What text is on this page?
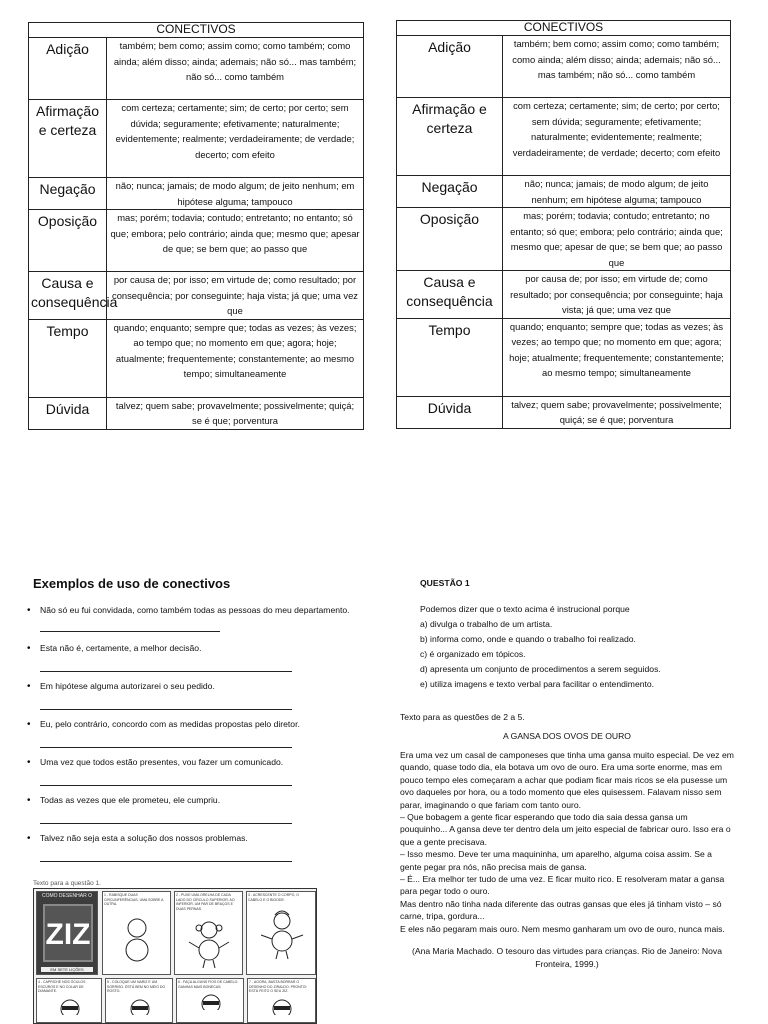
CONECTIVOS	
Adição	também; bem como; assim como; como também; como ainda; além disso; ainda; ademais; não só... mas também; não só... como também
Afirmação e certeza	com certeza; certamente; sim; de certo; por certo; sem dúvida; seguramente; efetivamente; naturalmente; evidentemente; realmente; verdadeiramente; de verdade; decerto; com efeito
Negação	não; nunca; jamais; de modo algum; de jeito nenhum; em hipótese alguma; tampouco
Oposição	mas; porém; todavia; contudo; entretanto; no entanto; só que; embora; pelo contrário; ainda que; mesmo que; apesar de que; se bem que; ao passo que
Causa e consequência	por causa de; por isso; em virtude de; como resultado; por consequência; por conseguinte; haja vista; já que; uma vez que
Tempo	quando; enquanto; sempre que; todas as vezes; às vezes; ao tempo que; no momento em que; agora; hoje; atualmente; frequentemente; constantemente; ao mesmo tempo; simultaneamente
Dúvida	talvez; quem sabe; provavelmente; possivelmente; quiçá; se é que; porventura
CONECTIVOS	
Adição	também; bem como; assim como; como também; como ainda; além disso; ainda; ademais; não só... mas também; não só... como também
Afirmação e certeza	com certeza; certamente; sim; de certo; por certo; sem dúvida; seguramente; efetivamente; naturalmente; evidentemente; realmente; verdadeiramente; de verdade; decerto; com efeito
Negação	não; nunca; jamais; de modo algum; de jeito nenhum; em hipótese alguma; tampouco
Oposição	mas; porém; todavia; contudo; entretanto; no entanto; só que; embora; pelo contrário; ainda que; mesmo que; apesar de que; se bem que; ao passo que
Causa e consequência	por causa de; por isso; em virtude de; como resultado; por consequência; por conseguinte; haja vista; já que; uma vez que
Tempo	quando; enquanto; sempre que; todas as vezes; às vezes; ao tempo que; no momento em que; agora; hoje; atualmente; frequentemente; constantemente; ao mesmo tempo; simultaneamente
Dúvida	talvez; quem sabe; provavelmente; possivelmente; quiçá; se é que; porventura
Exemplos de uso de conectivos
• Não só eu fui convidada, como também todas as pessoas do meu departamento.
• Esta não é, certamente, a melhor decisão.
• Em hipótese alguma autorizarei o seu pedido.
• Eu, pelo contrário, concordo com as medidas propostas pelo diretor.
• Uma vez que todos estão presentes, vou fazer um comunicado.
• Todas as vezes que ele prometeu, ele cumpriu.
• Talvez não seja esta a solução dos nossos problemas.
Texto para a questão 1.
COMO DESENHAR O
ZIZ
EM SETE LIÇÕES
1 - RABISQUE DUAS CIRCUNFERÊNCIAS, UMA SOBRE A OUTRA.
2 - PUXE UMA ORELHA DE CADA LADO DO CÍRCULO SUPERIOR. AO INFERIOR, UM PAR DE BRAÇOS E DUAS PERNAS.
3 - ACRESCENTE O CORPO, O CABELO E O BIGODE.
4 - CAPRICHE NOS ÓCULOS ESCUROS E NO COLAR DE DIAMANTE.
5 - COLOQUE UM NARIZ E UM SORRISO. ESTÁ BEM NO MEIO DO ROSTO.
6 - FAÇA ALGUNS FIOS DE CABELO. GANHAS MAIS BONECAS.
7 - AGORA, BASTA BORRAR O DESENHO DO ZIRALDO. PRONTO! ESTÁ FEITO O SEU ZIZ.
QUESTÃO 1
Podemos dizer que o texto acima é instrucional porque
a) divulga o trabalho de um artista.
b) informa como, onde e quando o trabalho foi realizado.
c) é organizado em tópicos.
d) apresenta um conjunto de procedimentos a serem seguidos.
e) utiliza imagens e texto verbal para facilitar o entendimento.
Texto para as questões de 2 a 5.
A GANSA DOS OVOS DE OURO

Era uma vez um casal de camponeses que tinha uma gansa muito especial. De vez em quando, quase todo dia, ela botava um ovo de ouro. Era uma sorte enorme, mas em pouco tempo eles começaram a achar que podiam ficar mais ricos se ela pusesse um ovo daqueles por hora, ou a todo momento que eles quisessem. Falavam nisso sem parar, imaginando o que fariam com tanto ouro.

– Que bobagem a gente ficar esperando que todo dia saia dessa gansa um pouquinho... A gansa deve ter dentro dela um jeito especial de fabricar ouro. Isso era o que a gente precisava.

– Isso mesmo. Deve ter uma maquininha, um aparelho, alguma coisa assim. Se a gente pegar pra nós, não precisa mais de gansa.

– É... Era melhor ter tudo de uma vez. E ficar muito rico. E resolveram matar a gansa para pegar todo o ouro.

Mas dentro não tinha nada diferente das outras gansas que eles já tinham visto – só carne, tripa, gordura...

E eles não pegaram mais ouro. Nem mesmo ganharam um ovo de ouro, nunca mais.

(Ana Maria Machado. O tesouro das virtudes para crianças. Rio de Janeiro: Nova Fronteira, 1999.)
